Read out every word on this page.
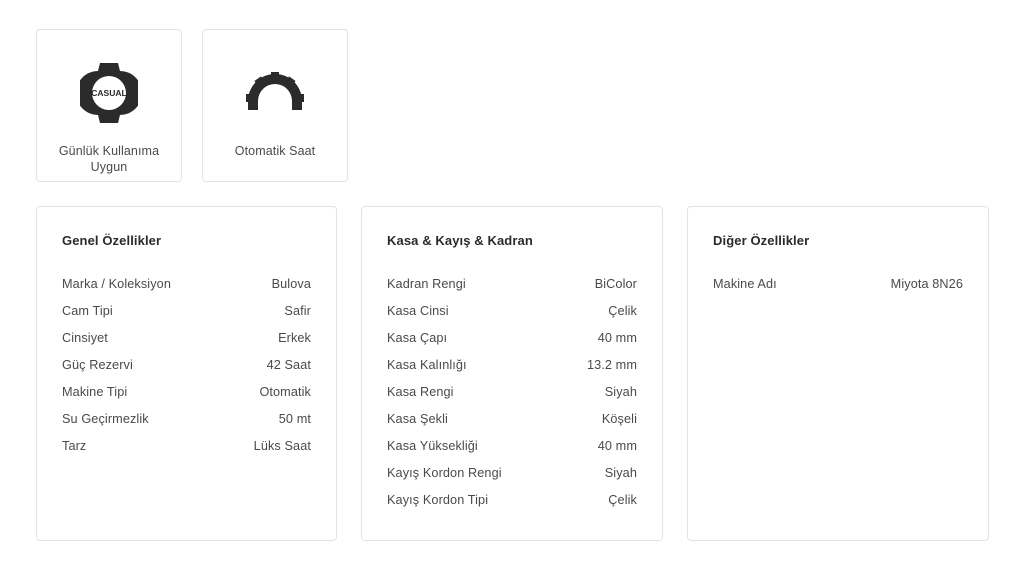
CASUAL
Günlük Kullanıma Uygun
Otomatik Saat
Genel Özellikler
Marka / Koleksiyon	Bulova
Cam Tipi	Safir
Cinsiyet	Erkek
Güç Rezervi	42 Saat
Makine Tipi	Otomatik
Su Geçirmezlik	50 mt
Tarz	Lüks Saat
Kasa & Kayış & Kadran
Kadran Rengi	BiColor
Kasa Cinsi	Çelik
Kasa Çapı	40 mm
Kasa Kalınlığı	13.2 mm
Kasa Rengi	Siyah
Kasa Şekli	Köşeli
Kasa Yüksekliği	40 mm
Kayış Kordon Rengi	Siyah
Kayış Kordon Tipi	Çelik
Diğer Özellikler
Makine Adı	Miyota 8N26
